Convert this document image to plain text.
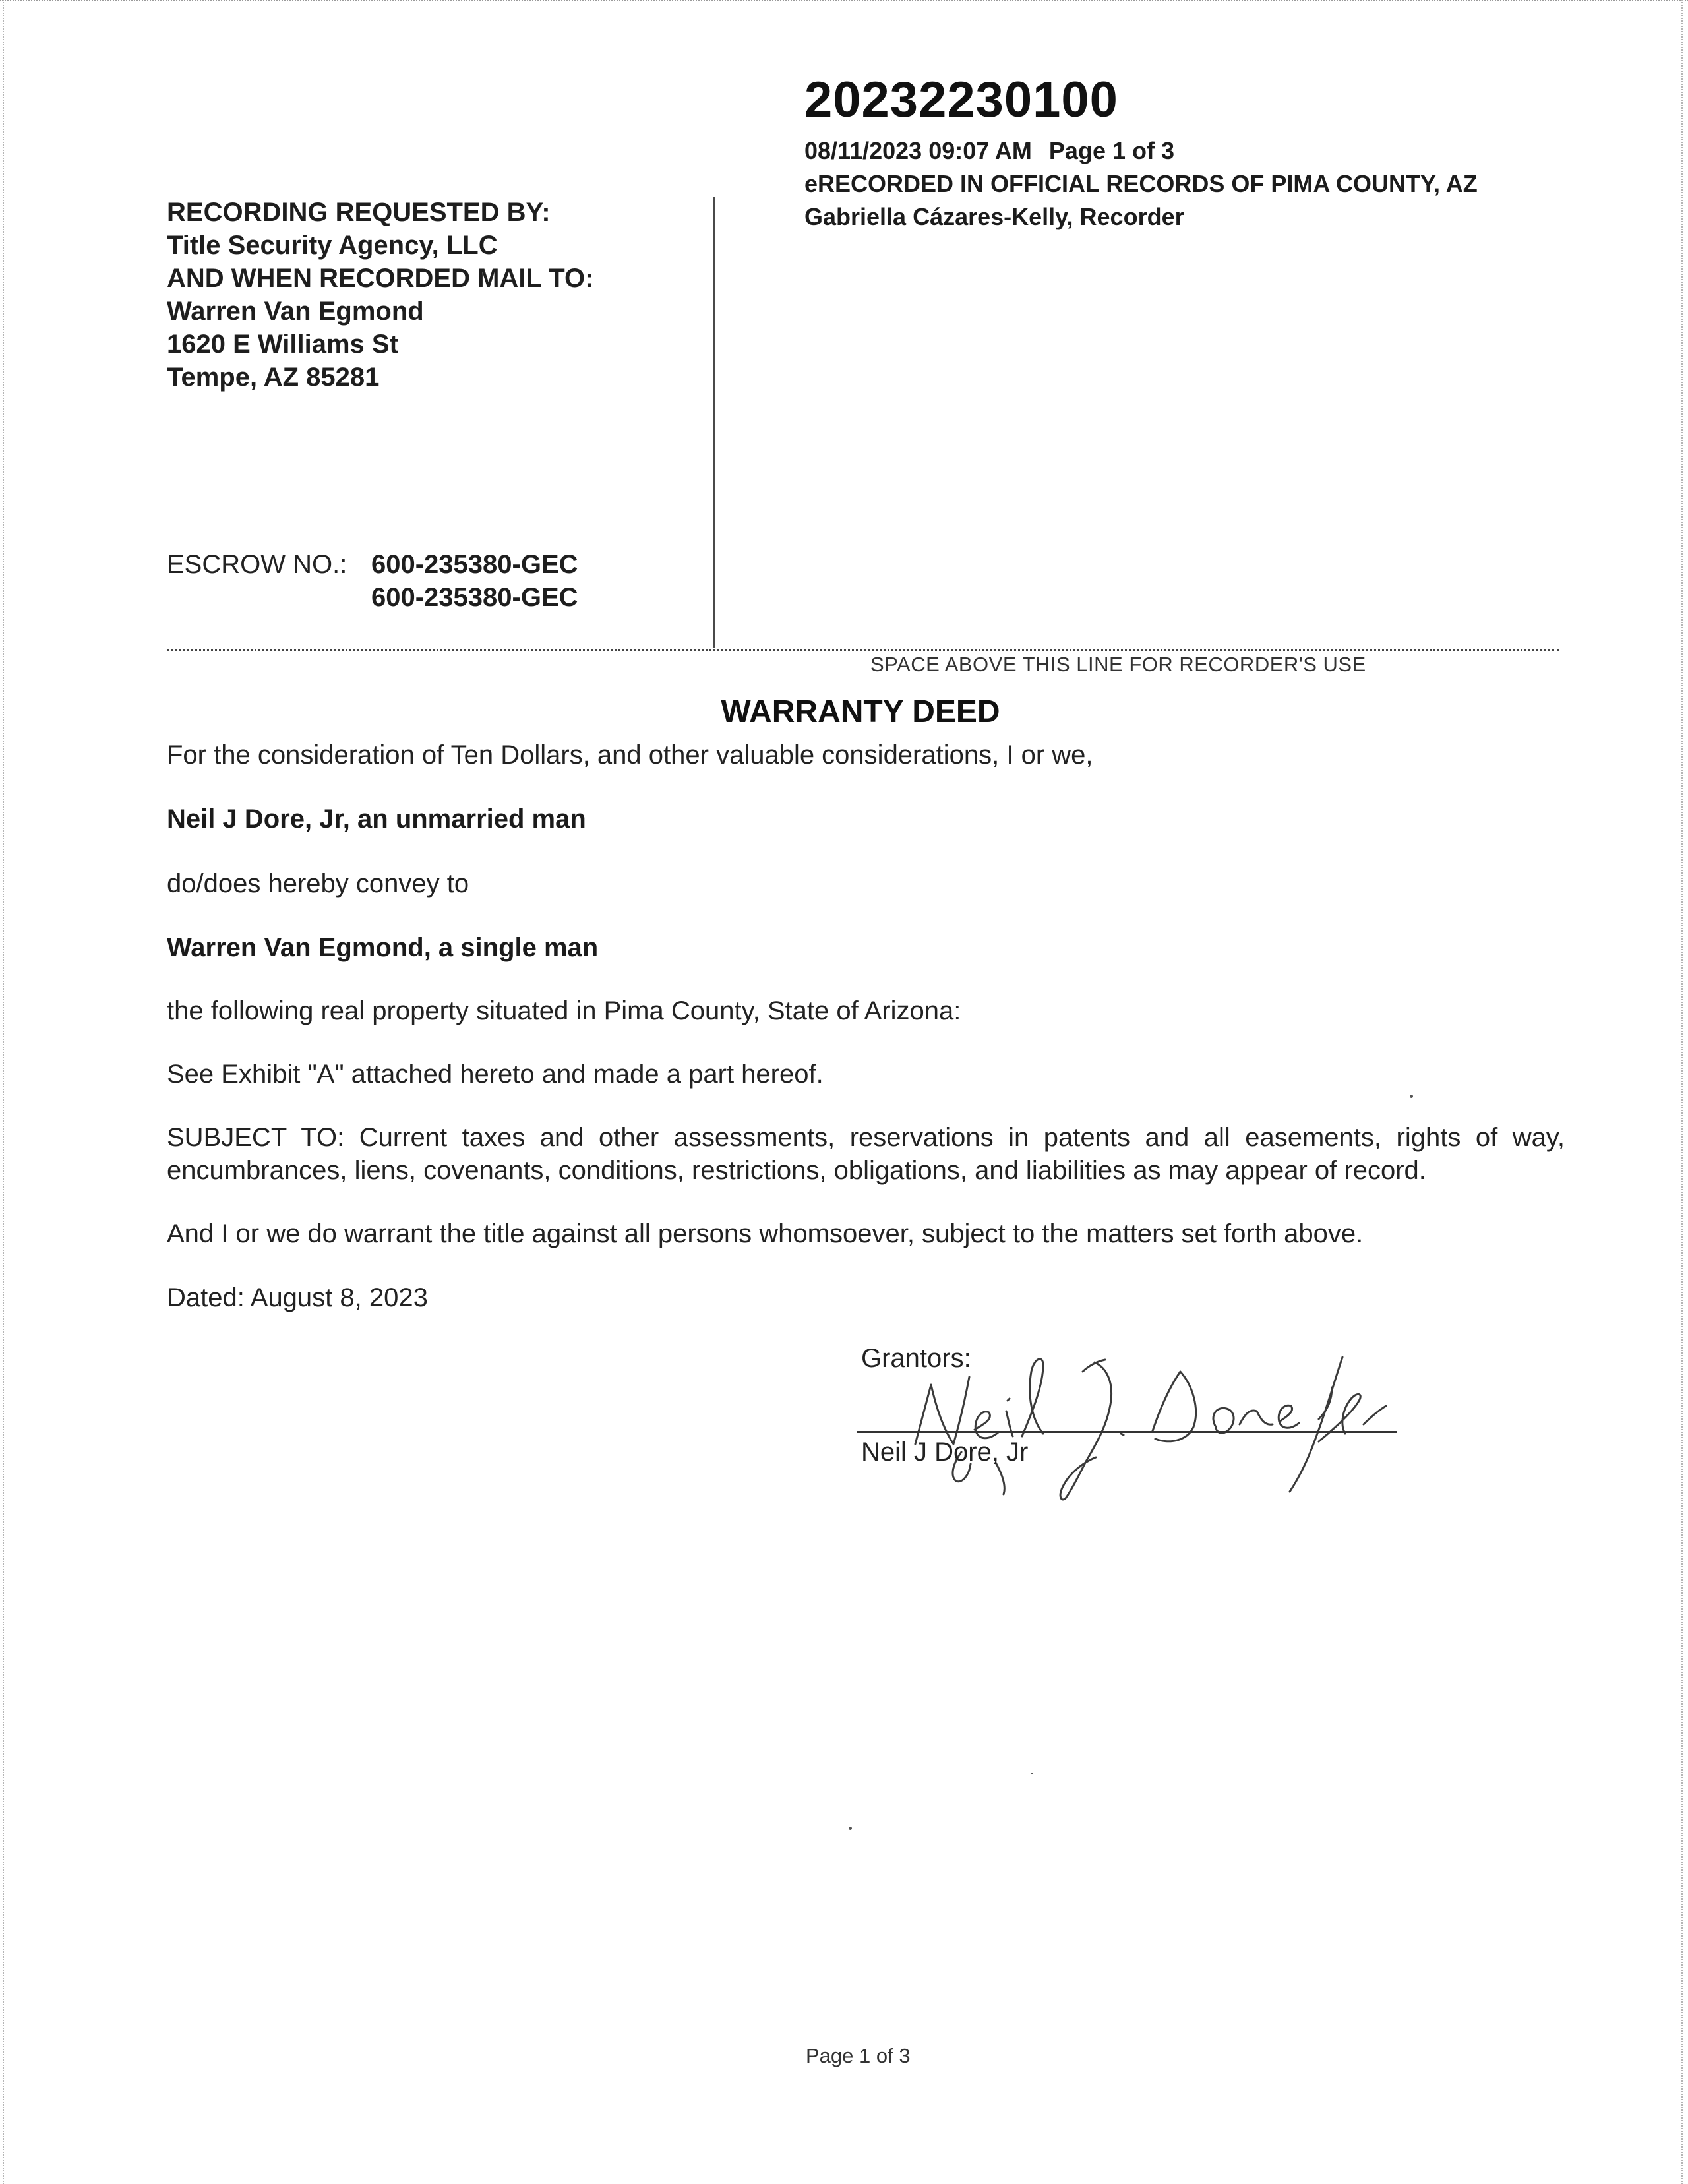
20232230100
08/11/2023 09:07 AM Page 1 of 3
eRECORDED IN OFFICIAL RECORDS OF PIMA COUNTY, AZ
Gabriella Cázares-Kelly, Recorder
RECORDING REQUESTED BY:
Title Security Agency, LLC
AND WHEN RECORDED MAIL TO:
Warren Van Egmond
1620 E Williams St
Tempe, AZ 85281
ESCROW NO.: 600-235380-GEC
600-235380-GEC
SPACE ABOVE THIS LINE FOR RECORDER'S USE
WARRANTY DEED
For the consideration of Ten Dollars, and other valuable considerations, I or we,
Neil J Dore, Jr, an unmarried man
do/does hereby convey to
Warren Van Egmond, a single man
the following real property situated in Pima County, State of Arizona:
See Exhibit "A" attached hereto and made a part hereof.
SUBJECT TO: Current taxes and other assessments, reservations in patents and all easements, rights of way,
encumbrances, liens, covenants, conditions, restrictions, obligations, and liabilities as may appear of record.
And I or we do warrant the title against all persons whomsoever, subject to the matters set forth above.
Dated: August 8, 2023
Grantors:
Neil J Dore, Jr
Page 1 of 3
